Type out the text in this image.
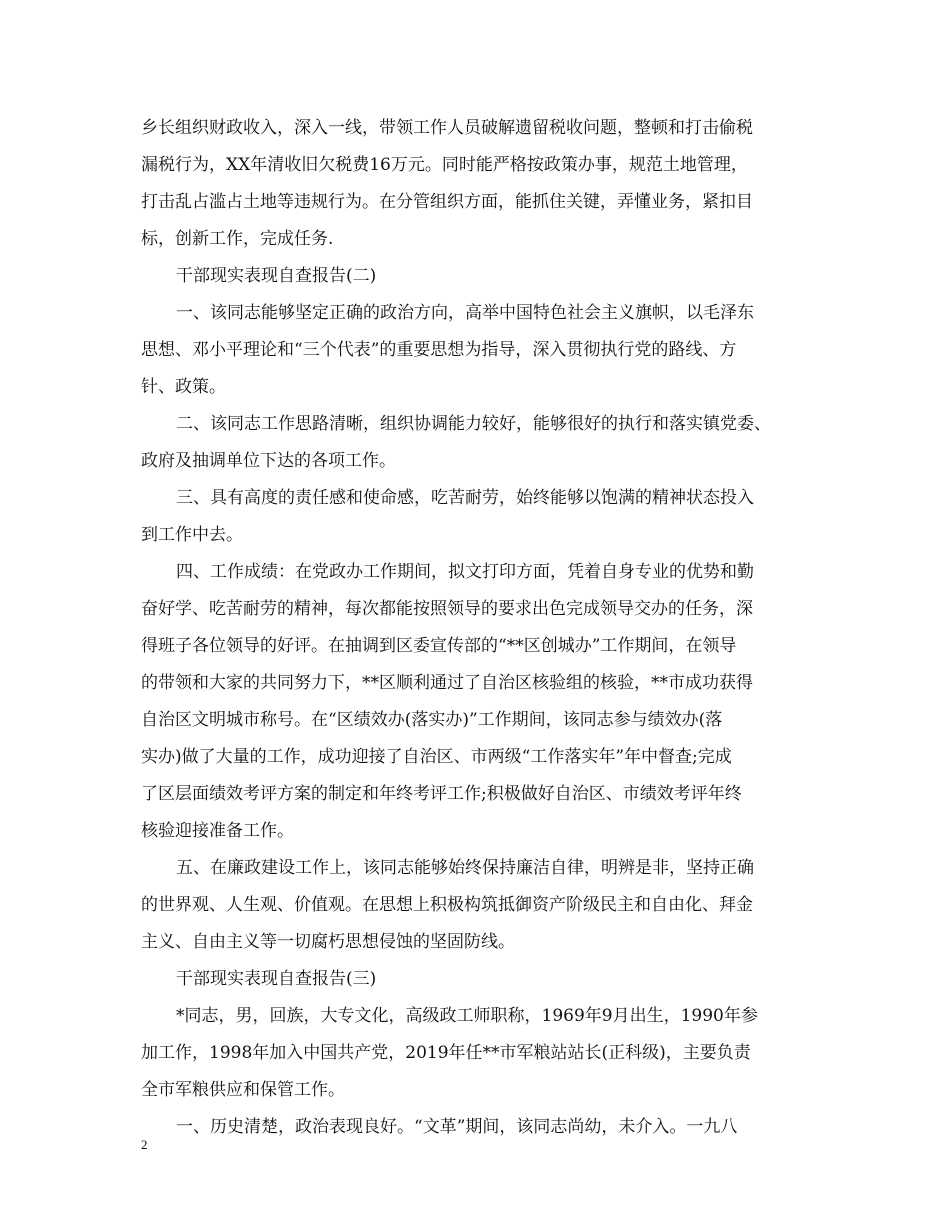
乡长组织财政收入，深入一线，带领工作人员破解遗留税收问题，整顿和打击偷税
漏税行为，XX年清收旧欠税费16万元。同时能严格按政策办事，规范土地管理，
打击乱占滥占土地等违规行为。在分管组织方面，能抓住关键，弄懂业务，紧扣目
标，创新工作，完成任务.
干部现实表现自查报告(二)
一、该同志能够坚定正确的政治方向，高举中国特色社会主义旗帜，以毛泽东
思想、邓小平理论和“三个代表”的重要思想为指导，深入贯彻执行党的路线、方
针、政策。
二、该同志工作思路清晰，组织协调能力较好，能够很好的执行和落实镇党委、
政府及抽调单位下达的各项工作。
三、具有高度的责任感和使命感，吃苦耐劳，始终能够以饱满的精神状态投入
到工作中去。
四、工作成绩：在党政办工作期间，拟文打印方面，凭着自身专业的优势和勤
奋好学、吃苦耐劳的精神，每次都能按照领导的要求出色完成领导交办的任务，深
得班子各位领导的好评。在抽调到区委宣传部的“**区创城办”工作期间，在领导
的带领和大家的共同努力下，**区顺利通过了自治区核验组的核验，**市成功获得
自治区文明城市称号。在“区绩效办(落实办)”工作期间，该同志参与绩效办(落
实办)做了大量的工作，成功迎接了自治区、市两级“工作落实年”年中督查;完成
了区层面绩效考评方案的制定和年终考评工作;积极做好自治区、市绩效考评年终
核验迎接准备工作。
五、在廉政建设工作上，该同志能够始终保持廉洁自律，明辨是非，坚持正确
的世界观、人生观、价值观。在思想上积极构筑抵御资产阶级民主和自由化、拜金
主义、自由主义等一切腐朽思想侵蚀的坚固防线。
干部现实表现自查报告(三)
*同志，男，回族，大专文化，高级政工师职称，1969年9月出生，1990年参
加工作，1998年加入中国共产党，2019年任**市军粮站站长(正科级)，主要负责
全市军粮供应和保管工作。
一、历史清楚，政治表现良好。“文革”期间，该同志尚幼，未介入。一九八
2
